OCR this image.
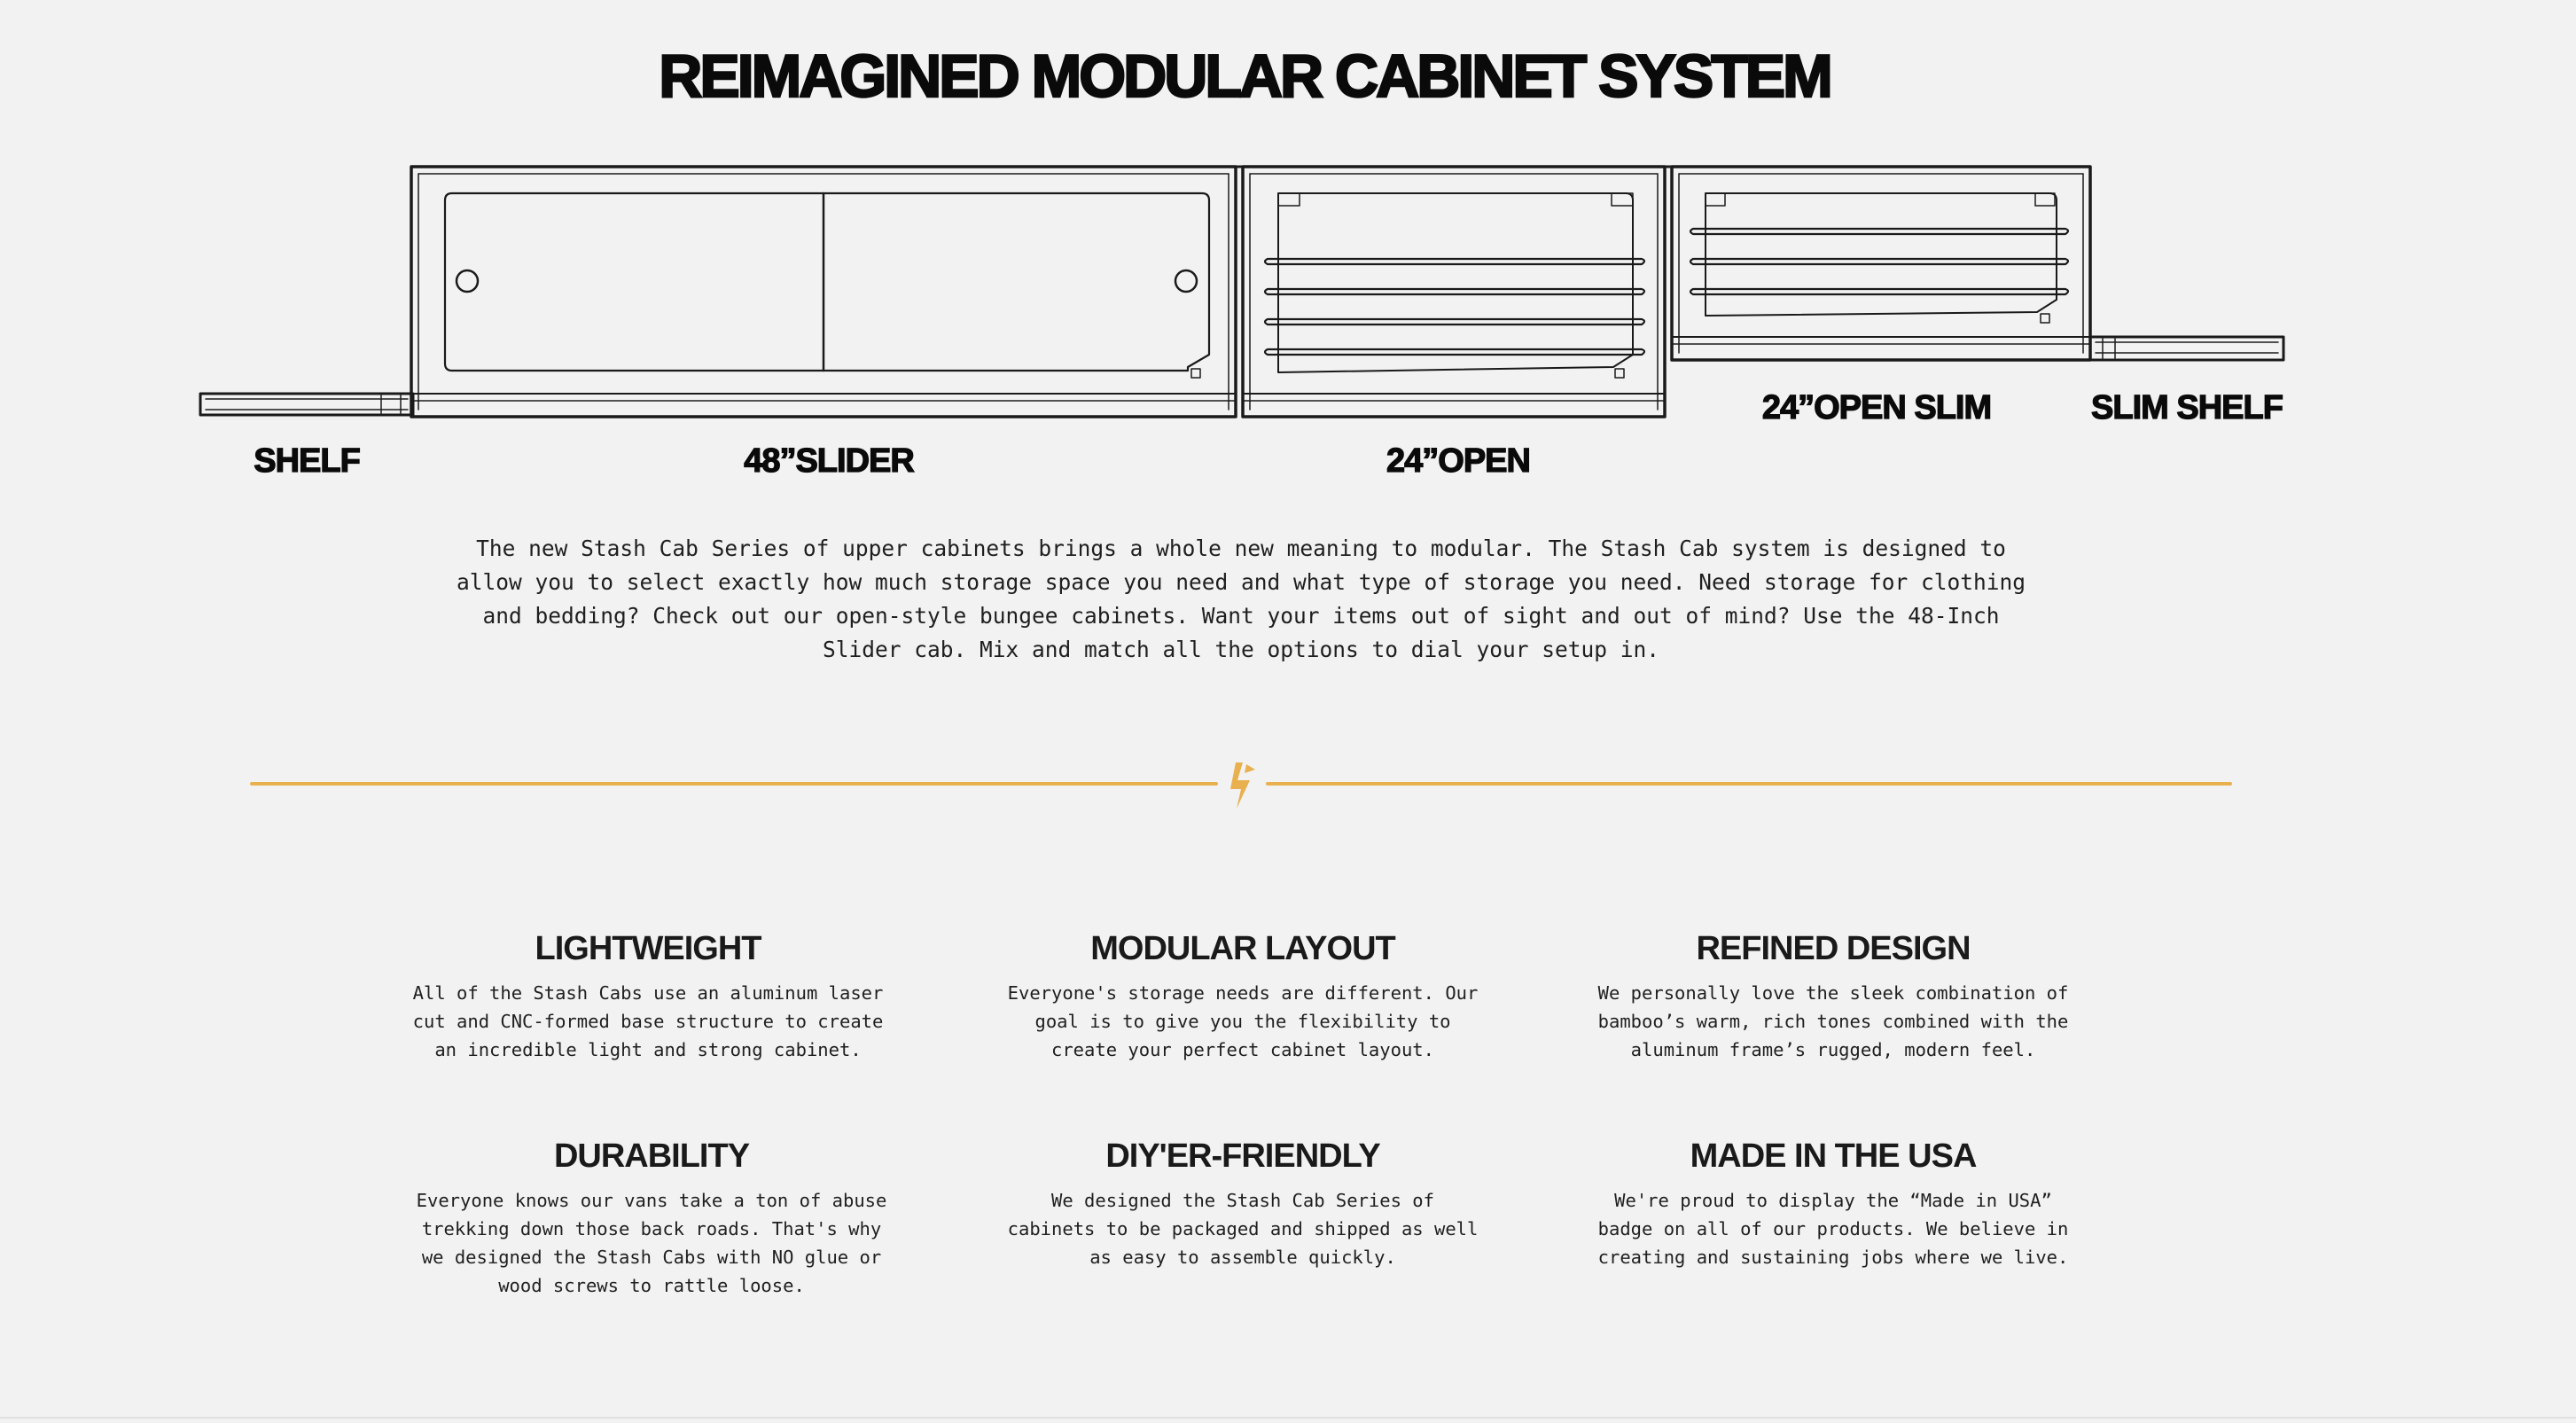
REIMAGINED MODULAR CABINET SYSTEM
SHELF	48”SLIDER	24”OPEN
24”OPEN SLIM	SLIM SHELF

The new Stash Cab Series of upper cabinets brings a whole new meaning to modular. The Stash Cab system is designed to allow you to select exactly how much storage space you need and what type of storage you need. Need storage for clothing and bedding? Check out our open-style bungee cabinets. Want your items out of sight and out of mind? Use the 48-Inch Slider cab. Mix and match all the options to dial your setup in.

LIGHTWEIGHT

All of the Stash Cabs use an aluminum laser cut and CNC-formed base structure to create an incredible light and strong cabinet.

MODULAR LAYOUT

Everyone's storage needs are different. Our goal is to give you the flexibility to create your perfect cabinet layout.

REFINED DESIGN

We personally love the sleek combination of bamboo’s warm, rich tones combined with the aluminum frame’s rugged, modern feel.

DURABILITY

Everyone knows our vans take a ton of abuse trekking down those back roads. That's why we designed the Stash Cabs with NO glue or wood screws to rattle loose.

DIY'ER-FRIENDLY

We designed the Stash Cab Series of cabinets to be packaged and shipped as well as easy to assemble quickly.

MADE IN THE USA

We're proud to display the “Made in USA” badge on all of our products. We believe in creating and sustaining jobs where we live.
